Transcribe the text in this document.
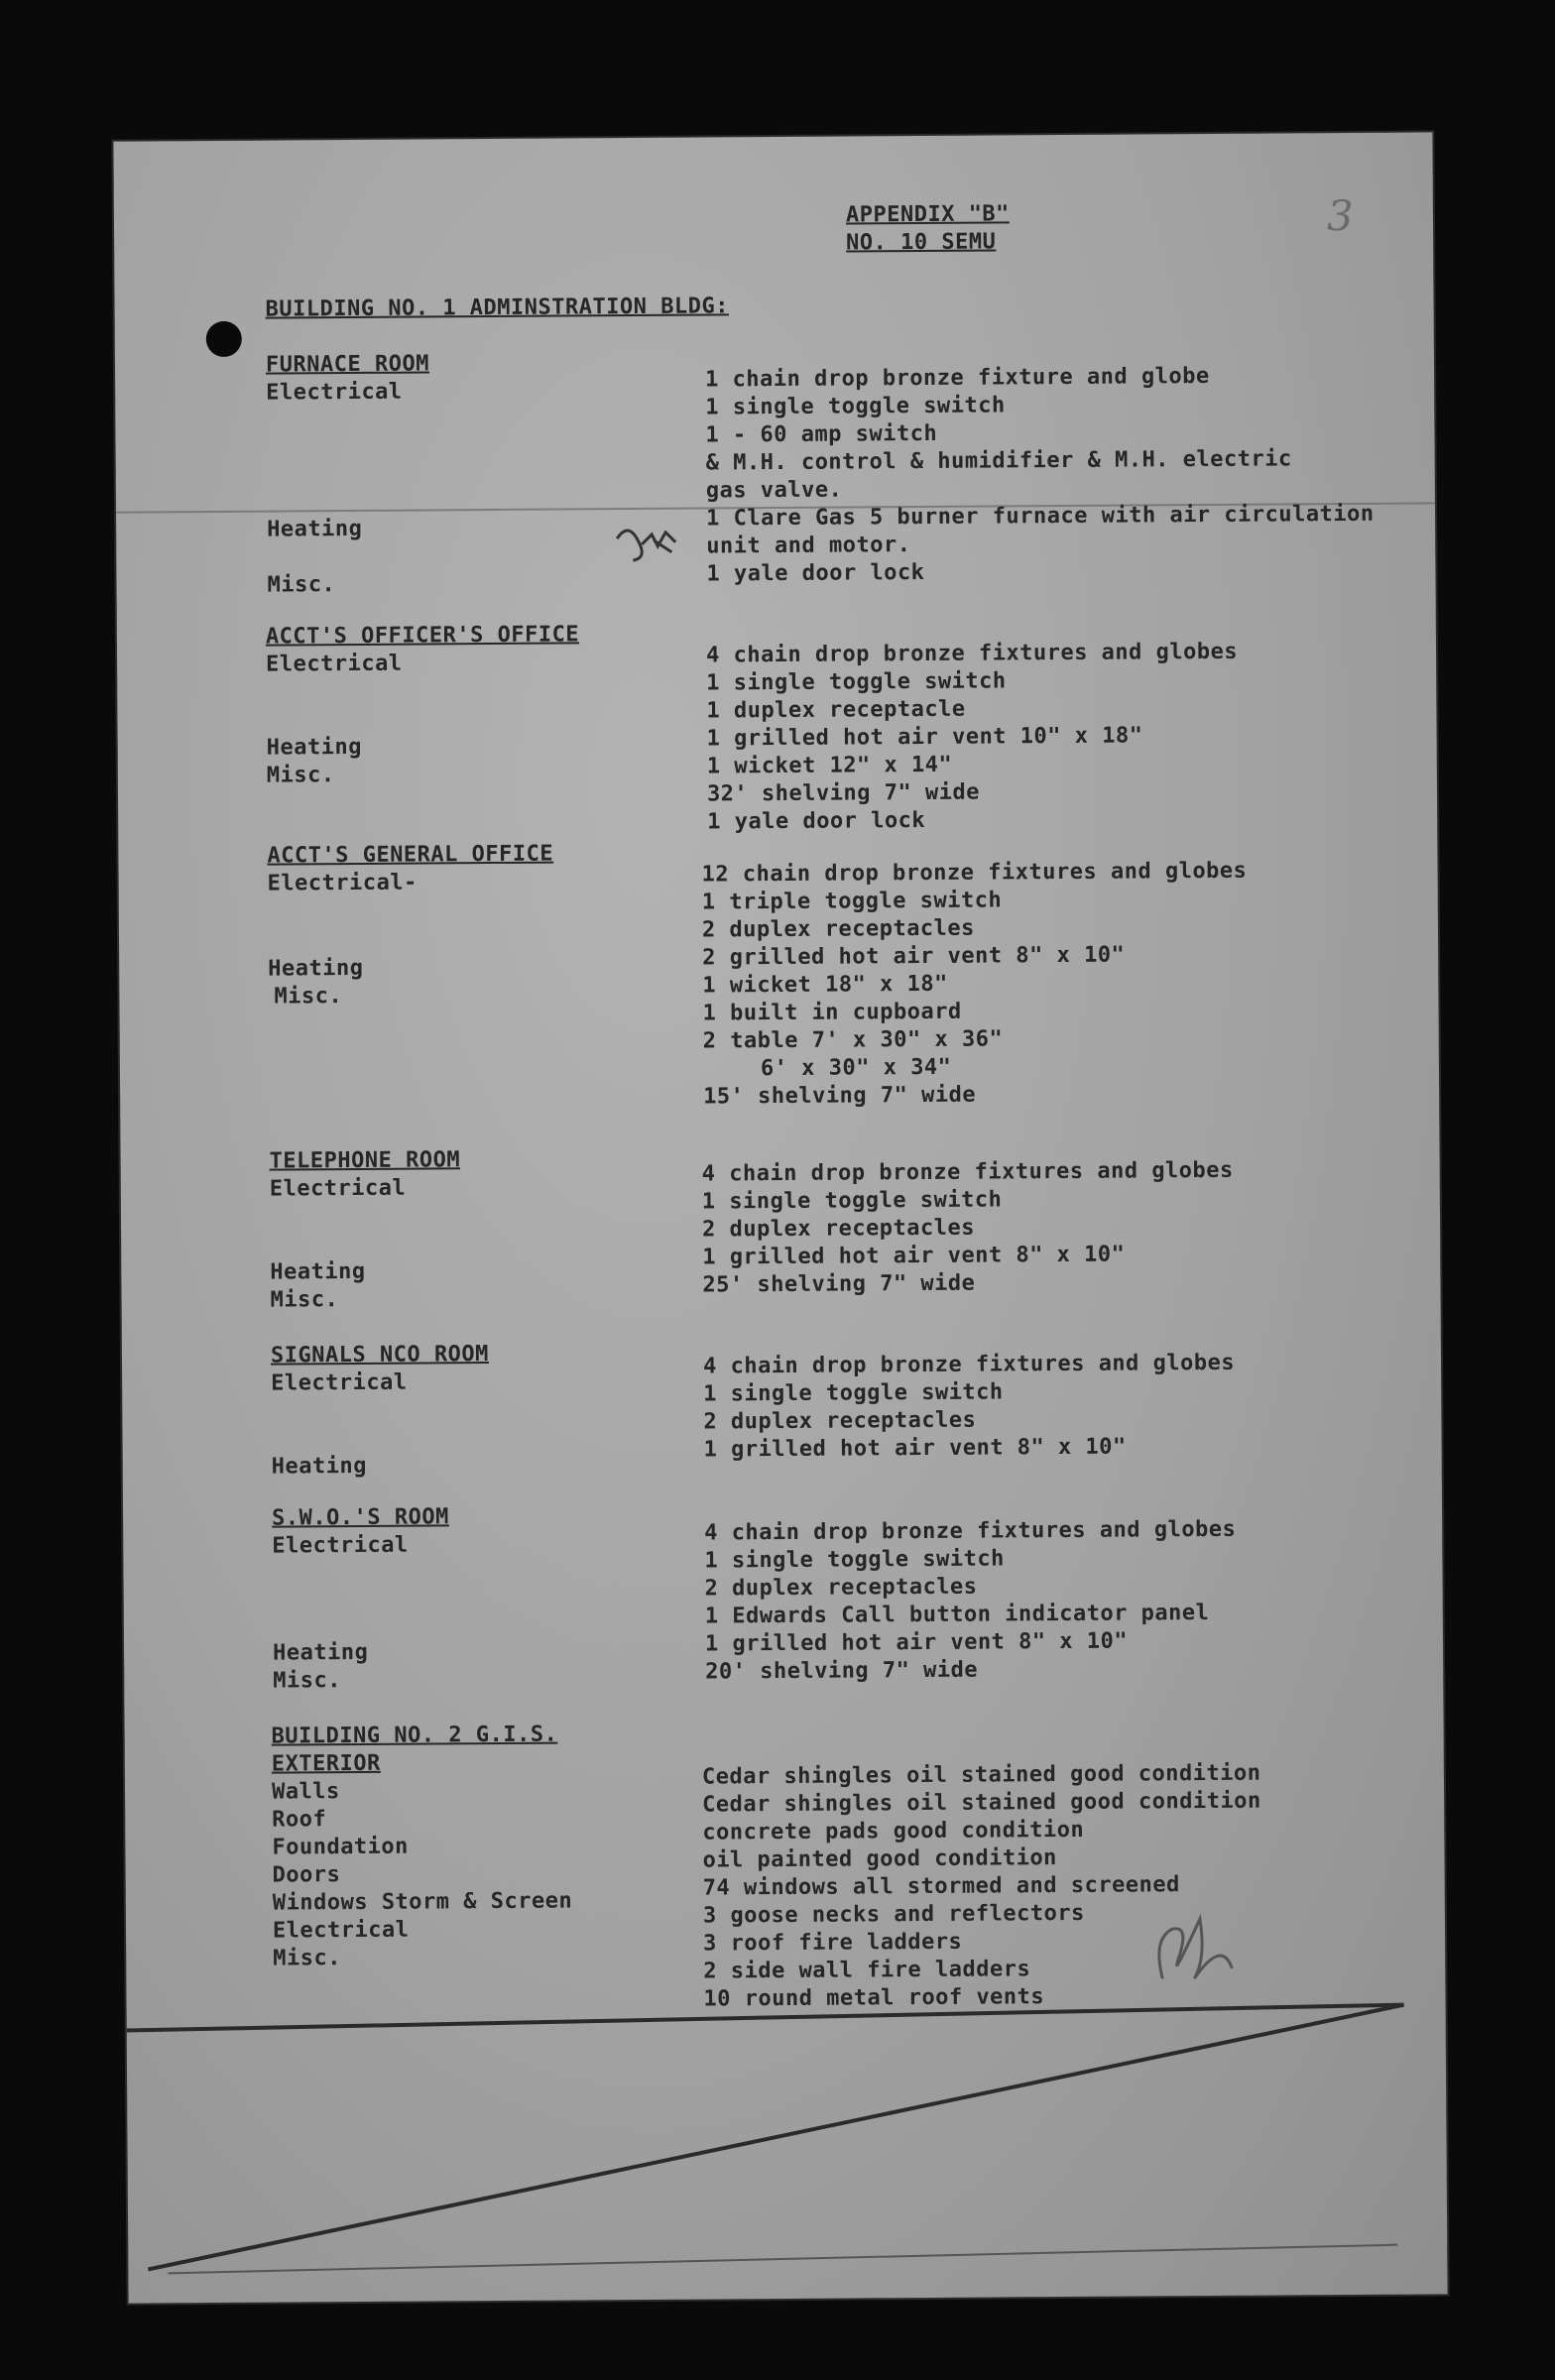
3
APPENDIX "B"
NO. 10 SEMU
BUILDING NO. 1 ADMINSTRATION BLDG:
FURNACE ROOM
Electrical
Heating
Misc.
1 chain drop bronze fixture and globe
1 single toggle switch
1 - 60 amp switch
& M.H. control & humidifier & M.H. electric
gas valve.
1 Clare Gas 5 burner furnace with air circulation
unit and motor.
1 yale door lock
ACCT'S OFFICER'S OFFICE
Electrical
Heating
Misc.
4 chain drop bronze fixtures and globes
1 single toggle switch
1 duplex receptacle
1 grilled hot air vent 10" x 18"
1 wicket 12" x 14"
32' shelving 7" wide
1 yale door lock
ACCT'S GENERAL OFFICE
Electrical-
Heating
Misc.
12 chain drop bronze fixtures and globes
1 triple toggle switch
2 duplex receptacles
2 grilled hot air vent 8" x 10"
1 wicket 18" x 18"
1 built in cupboard
2 table 7' x 30" x 36"
6' x 30" x 34"
15' shelving 7" wide
TELEPHONE ROOM
Electrical
Heating
Misc.
4 chain drop bronze fixtures and globes
1 single toggle switch
2 duplex receptacles
1 grilled hot air vent 8" x 10"
25' shelving 7" wide
SIGNALS NCO ROOM
Electrical
Heating
4 chain drop bronze fixtures and globes
1 single toggle switch
2 duplex receptacles
1 grilled hot air vent 8" x 10"
S.W.O.'S ROOM
Electrical
Heating
Misc.
4 chain drop bronze fixtures and globes
1 single toggle switch
2 duplex receptacles
1 Edwards Call button indicator panel
1 grilled hot air vent 8" x 10"
20' shelving 7" wide
BUILDING NO. 2 G.I.S.
EXTERIOR
Walls
Roof
Foundation
Doors
Windows Storm & Screen
Electrical
Misc.
Cedar shingles oil stained good condition
Cedar shingles oil stained good condition
concrete pads good condition
oil painted good condition
74 windows all stormed and screened
3 goose necks and reflectors
3 roof fire ladders
2 side wall fire ladders
10 round metal roof vents
